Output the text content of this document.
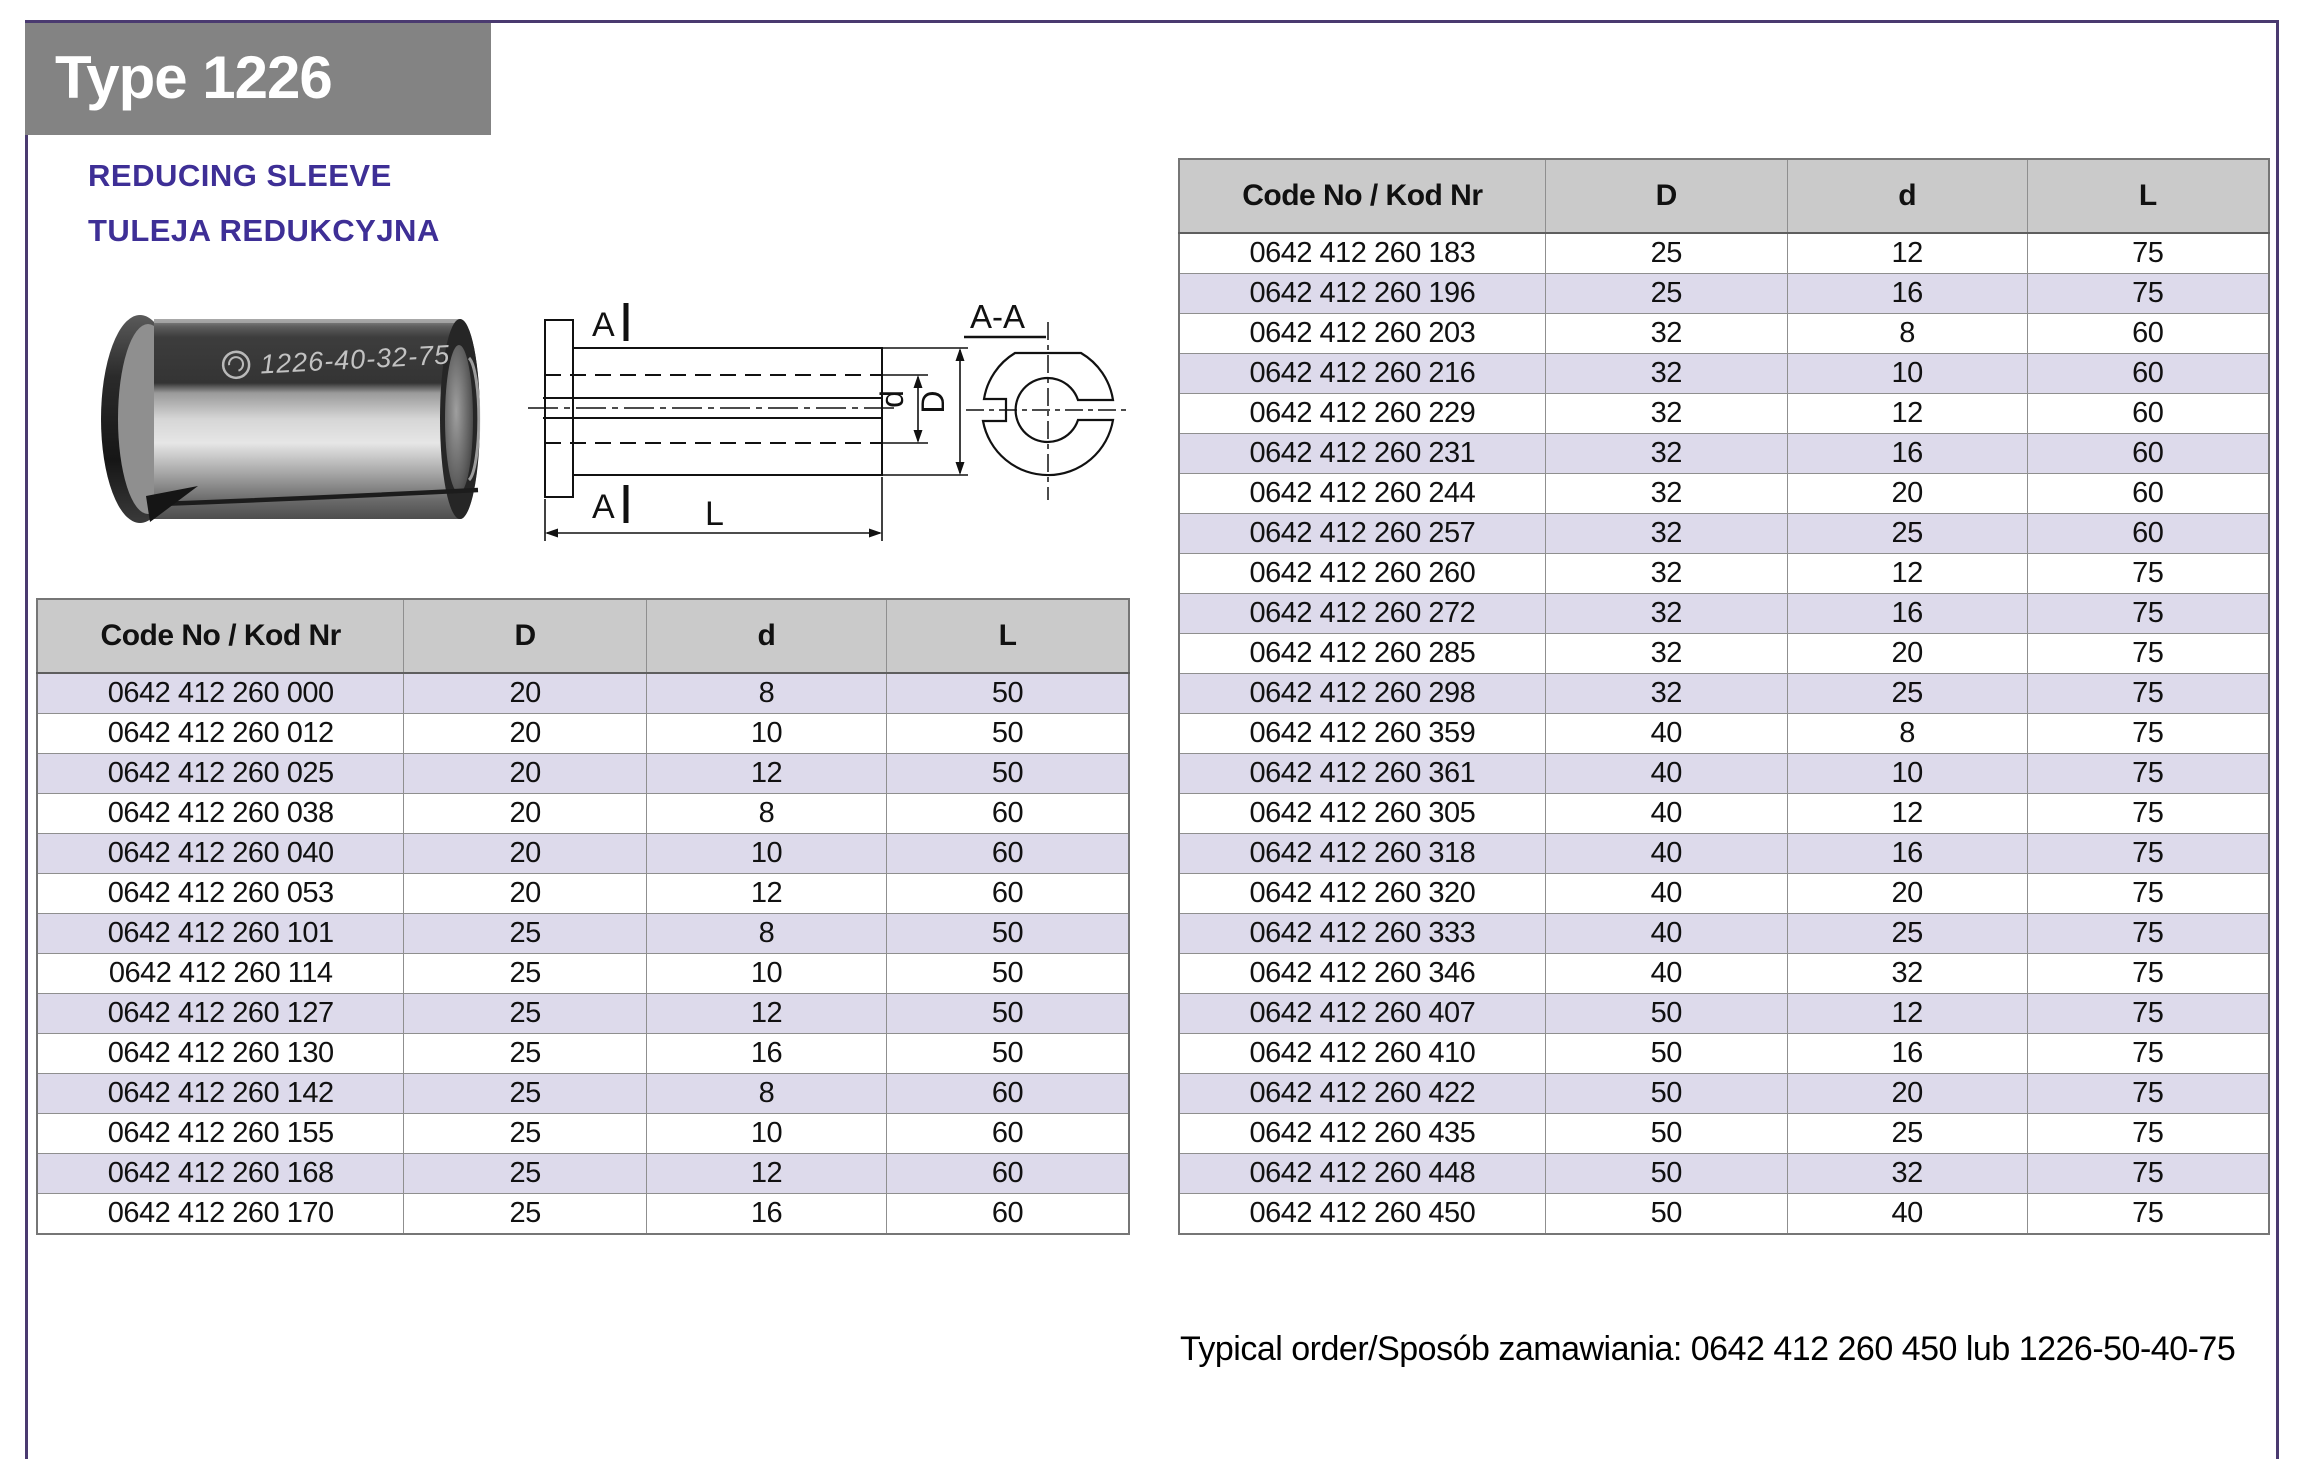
Type 1226
REDUCING SLEEVE
TULEJA REDUKCYJNA
1226-40-32-75
A
A	L
d D
A-A
Code No / Kod Nr	D	d	L
0642 412 260 000	20	8	50
0642 412 260 012	20	10	50
0642 412 260 025	20	12	50
0642 412 260 038	20	8	60
0642 412 260 040	20	10	60
0642 412 260 053	20	12	60
0642 412 260 101	25	8	50
0642 412 260 114	25	10	50
0642 412 260 127	25	12	50
0642 412 260 130	25	16	50
0642 412 260 142	25	8	60
0642 412 260 155	25	10	60
0642 412 260 168	25	12	60
0642 412 260 170	25	16	60
Code No / Kod Nr	D	d	L
0642 412 260 183	25	12	75
0642 412 260 196	25	16	75
0642 412 260 203	32	8	60
0642 412 260 216	32	10	60
0642 412 260 229	32	12	60
0642 412 260 231	32	16	60
0642 412 260 244	32	20	60
0642 412 260 257	32	25	60
0642 412 260 260	32	12	75
0642 412 260 272	32	16	75
0642 412 260 285	32	20	75
0642 412 260 298	32	25	75
0642 412 260 359	40	8	75
0642 412 260 361	40	10	75
0642 412 260 305	40	12	75
0642 412 260 318	40	16	75
0642 412 260 320	40	20	75
0642 412 260 333	40	25	75
0642 412 260 346	40	32	75
0642 412 260 407	50	12	75
0642 412 260 410	50	16	75
0642 412 260 422	50	20	75
0642 412 260 435	50	25	75
0642 412 260 448	50	32	75
0642 412 260 450	50	40	75
Typical order/Sposób zamawiania: 0642 412 260 450 lub 1226-50-40-75
